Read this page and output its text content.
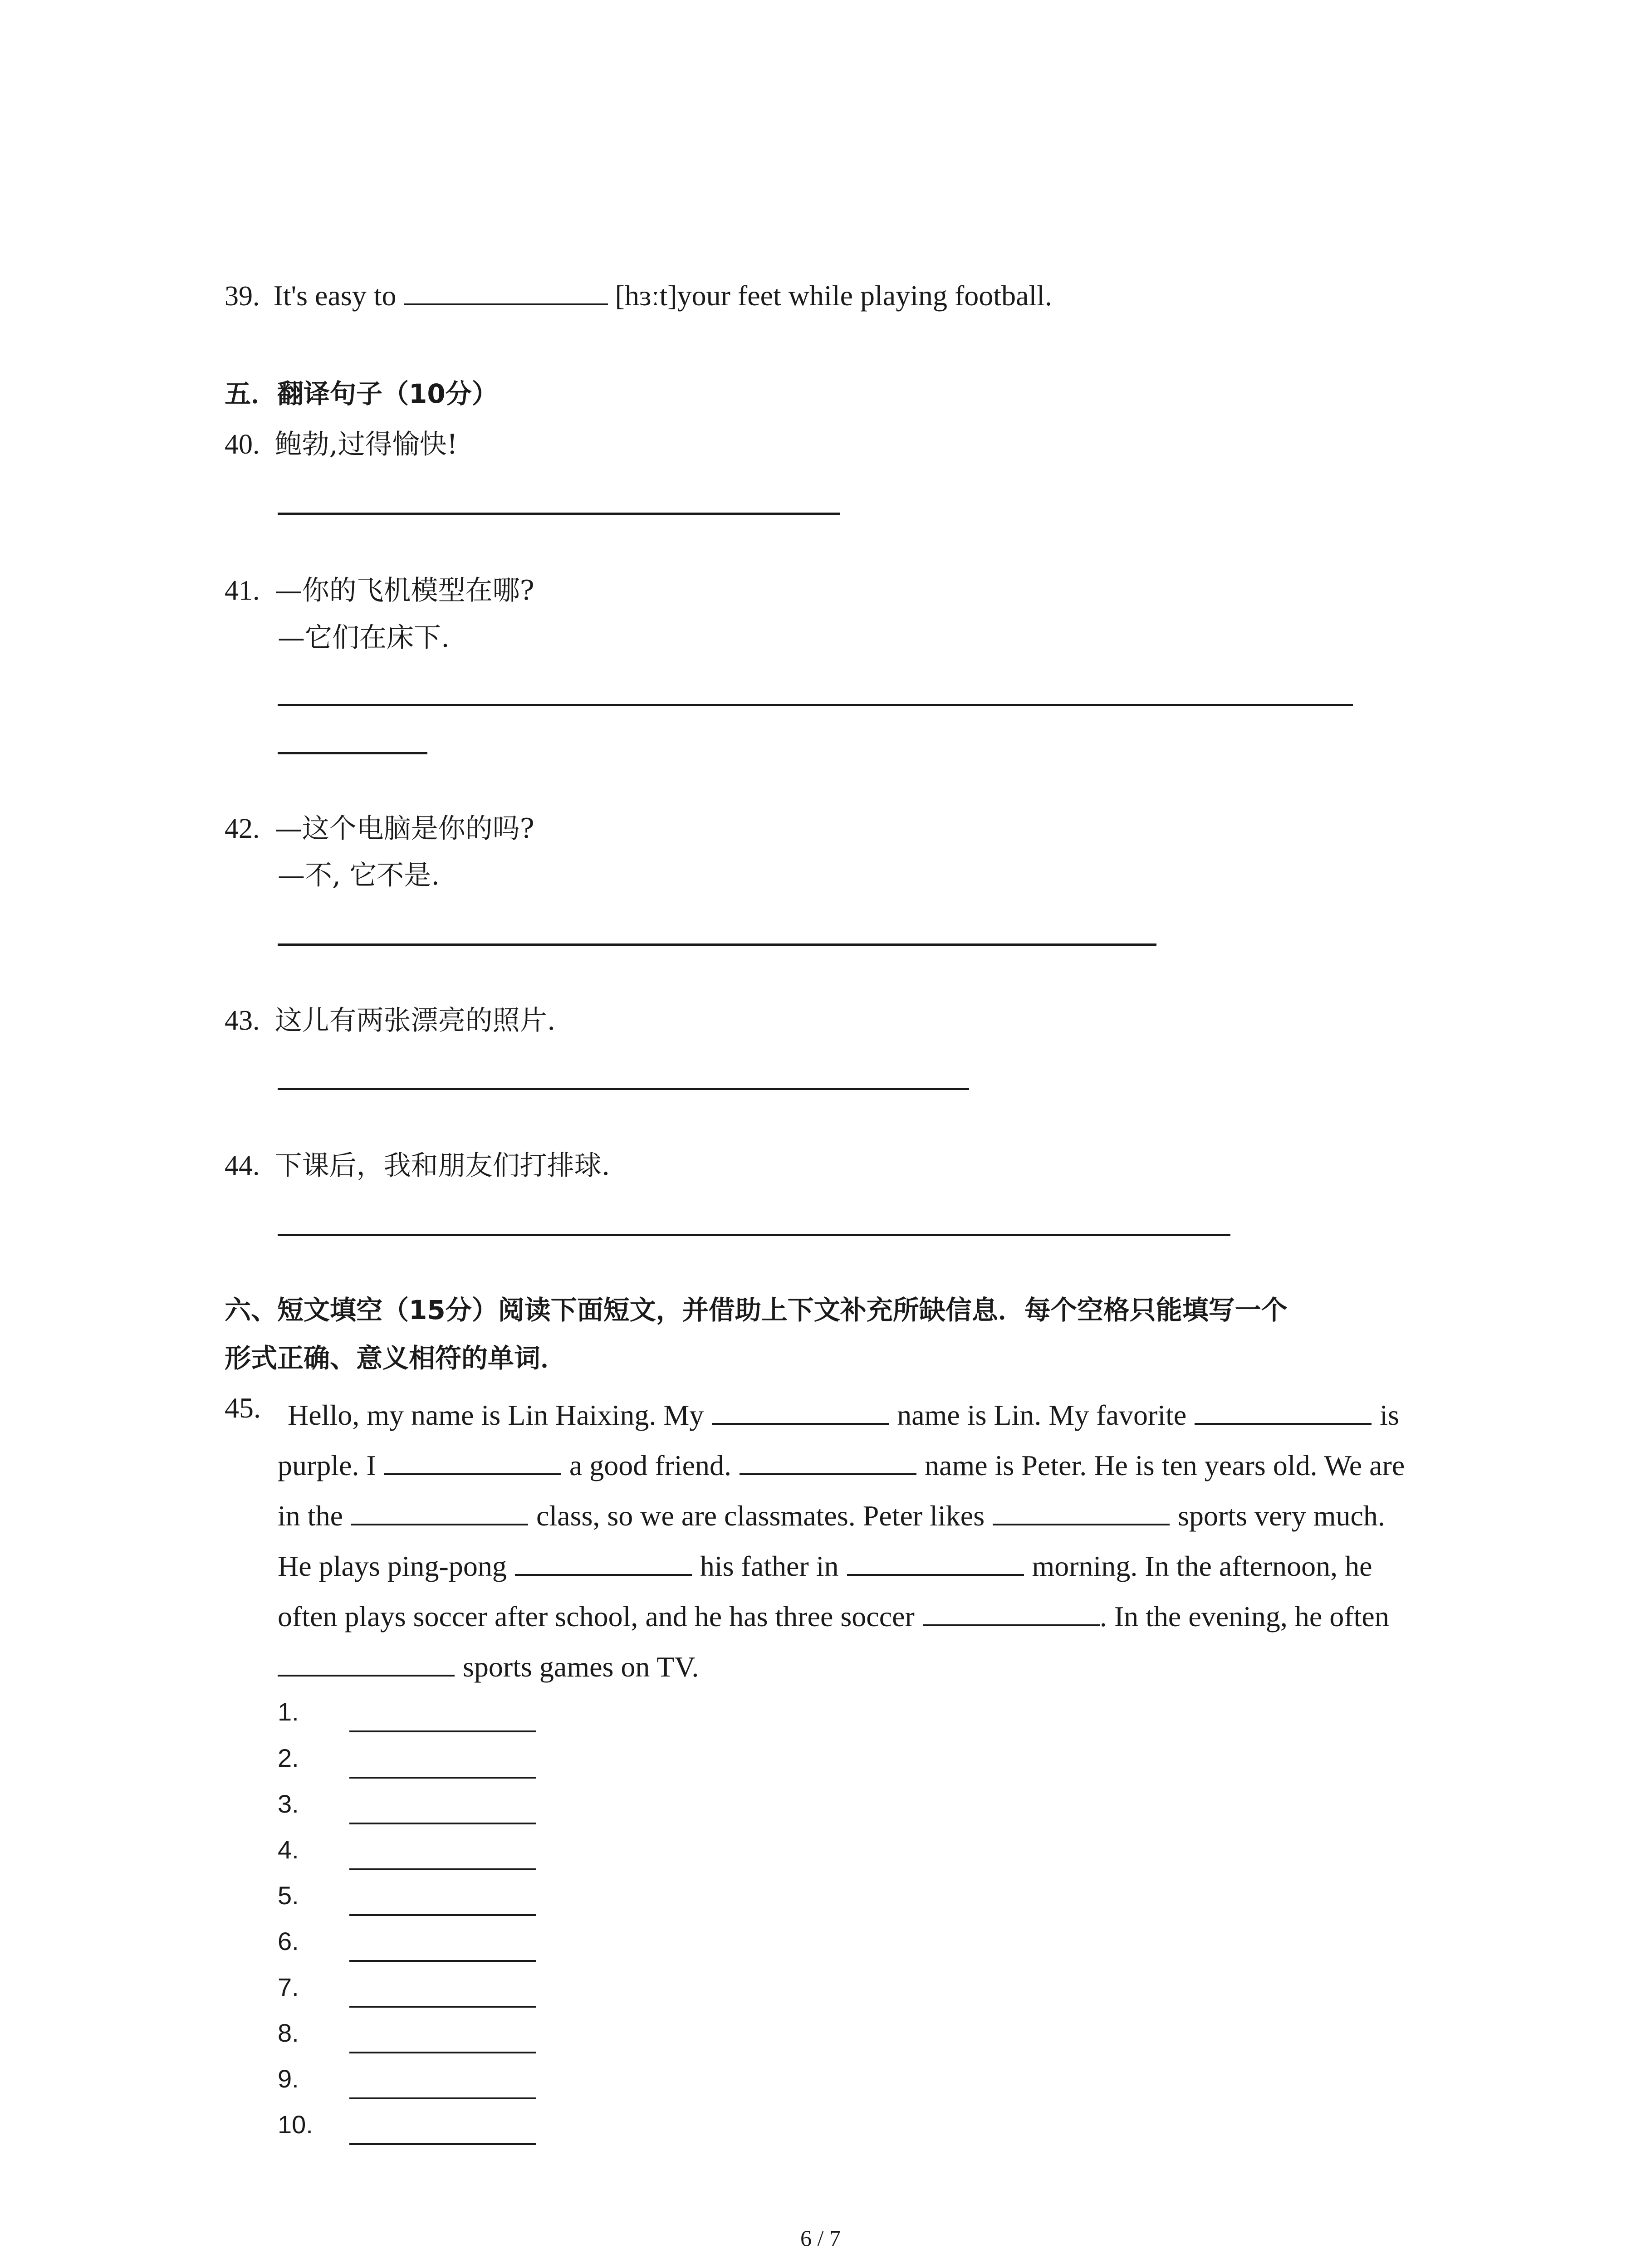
39. It's easy to	[hɜːt]your feet while playing football.
五．翻译句子（10分）
40. 鲍勃,过得愉快!
41. —你的飞机模型在哪?
—它们在床下.
42. —这个电脑是你的吗?
—不, 它不是.
43. 这儿有两张漂亮的照片.
44. 下课后，我和朋友们打排球.
六、短文填空（15分）阅读下面短文，并借助上下文补充所缺信息．每个空格只能填写一个
形式正确、意义相符的单词．
45. Hello, my name is Lin Haixing. My	name is Lin. My favorite	is
purple. I	a good friend.	name is Peter. He is ten years old. We are
in the	class, so we are classmates. Peter likes	sports very much.
He plays ping-pong	his father in	morning. In the afternoon, he
often plays soccer after school, and he has three soccer	. In the evening, he often
sports games on TV.
1.
2.
3.
4.
5.
6.
7.
8.
9.
10.
6 / 7
